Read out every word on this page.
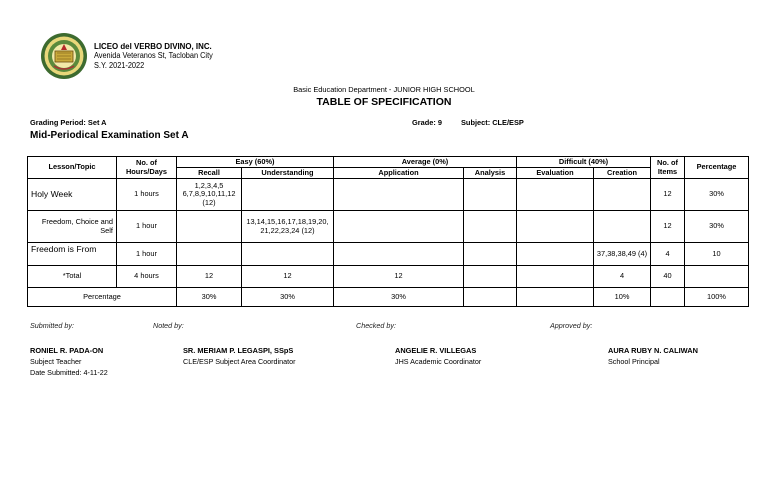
LICEO del VERBO DIVINO, INC.
Avenida Veteranos St, Tacloban City
S.Y. 2021-2022
Basic Education Department - JUNIOR HIGH SCHOOL
TABLE OF SPECIFICATION
Grading Period: Set A
Mid-Periodical Examination Set A
Grade: 9	Subject: CLE/ESP
Lesson/Topic	No. of Hours/Days	Easy (60%)		Average (0%)		Difficult (40%)		No. of Items	Percentage
		Recall	Understanding	Application	Analysis	Evaluation	Creation		
Holy Week	1 hours	1,2,3,4,5 6,7,8,9,10,11,12 (12)						12	30%
Freedom, Choice and Self	1 hour		13,14,15,16,17,18,19,20, 21,22,23,24 (12)					12	30%
Freedom is From	1 hour						37,38,38,49 (4)	4	10
*Total	4 hours	12	12	12			4	40	
Percentage		30%	30%	30%			10%		100%
Submitted by:	Noted by:	Checked by:	Approved by:
RONIEL R. PADA-ON
Subject Teacher
Date Submitted: 4-11-22
SR. MERIAM P. LEGASPI, SSpS
CLE/ESP Subject Area Coordinator
ANGELIE R. VILLEGAS
JHS Academic Coordinator
AURA RUBY N. CALIWAN
School Principal
